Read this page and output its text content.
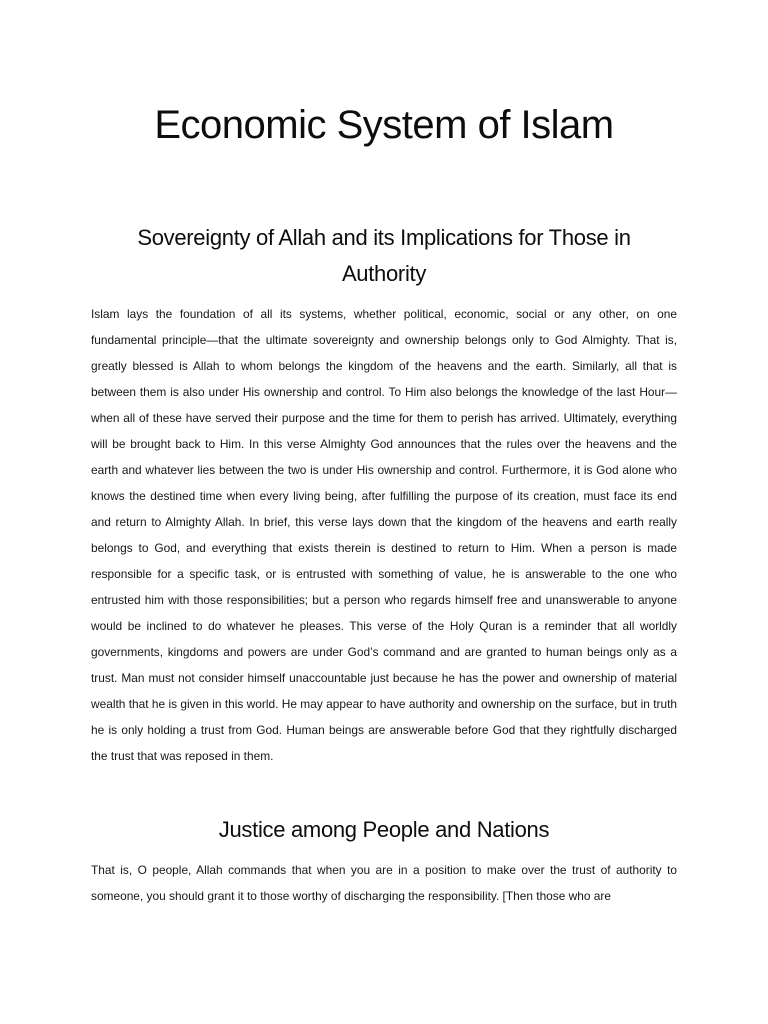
Economic System of Islam
Sovereignty of Allah and its Implications for Those in Authority

Islam lays the foundation of all its systems, whether political, economic, social or any other, on one fundamental principle—that the ultimate sovereignty and ownership belongs only to God Almighty. That is, greatly blessed is Allah to whom belongs the kingdom of the heavens and the earth. Similarly, all that is between them is also under His ownership and control. To Him also belongs the knowledge of the last Hour—when all of these have served their purpose and the time for them to perish has arrived. Ultimately, everything will be brought back to Him. In this verse Almighty God announces that the rules over the heavens and the earth and whatever lies between the two is under His ownership and control. Furthermore, it is God alone who knows the destined time when every living being, after fulfilling the purpose of its creation, must face its end and return to Almighty Allah. In brief, this verse lays down that the kingdom of the heavens and earth really belongs to God, and everything that exists therein is destined to return to Him. When a person is made responsible for a specific task, or is entrusted with something of value, he is answerable to the one who entrusted him with those responsibilities; but a person who regards himself free and unanswerable to anyone would be inclined to do whatever he pleases. This verse of the Holy Quran is a reminder that all worldly governments, kingdoms and powers are under God’s command and are granted to human beings only as a trust. Man must not consider himself unaccountable just because he has the power and ownership of material wealth that he is given in this world. He may appear to have authority and ownership on the surface, but in truth he is only holding a trust from God. Human beings are answerable before God that they rightfully discharged the trust that was reposed in them.

Justice among People and Nations

That is, O people, Allah commands that when you are in a position to make over the trust of authority to someone, you should grant it to those worthy of discharging the responsibility. [Then those who are
